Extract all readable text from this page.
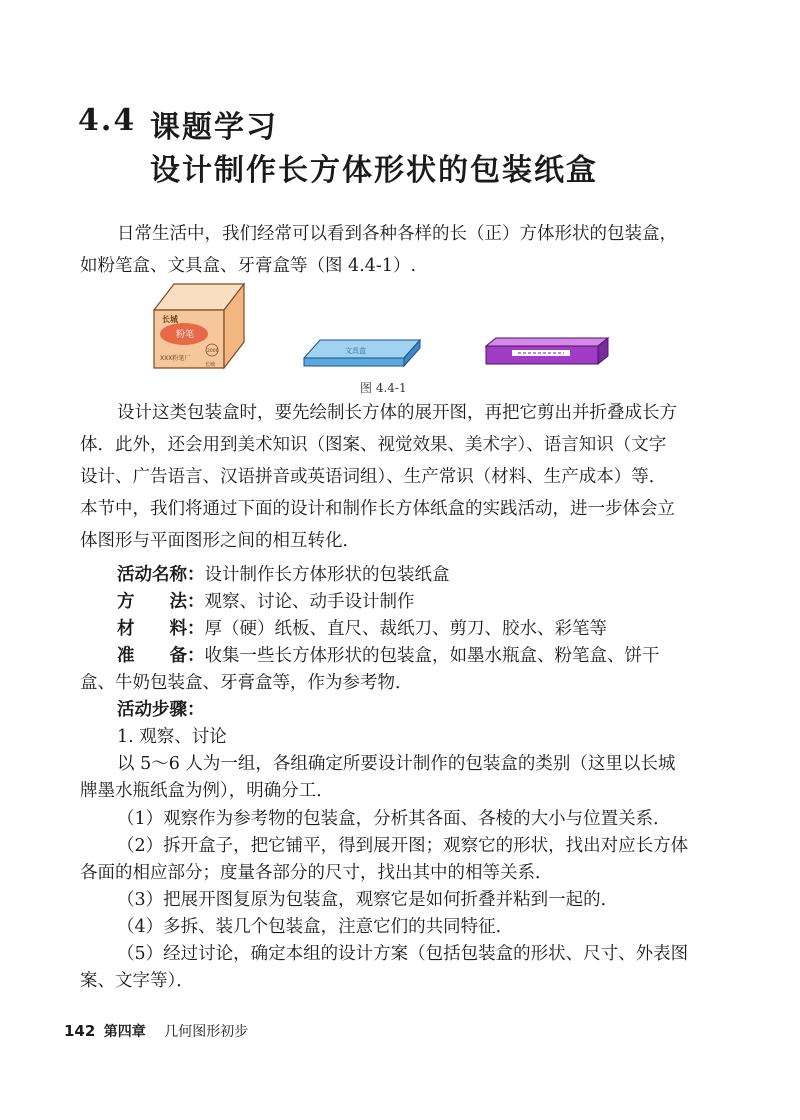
4.4 课题学习
设计制作长方体形状的包装纸盒
日常生活中，我们经常可以看到各种各样的长（正）方体形状的包装盒，
如粉笔盒、文具盒、牙膏盒等（图 4.4-1）.
长城
粉笔
XXX粉笔厂
2000
长城
文具盒
图 4.4-1
设计这类包装盒时，要先绘制长方体的展开图，再把它剪出并折叠成长方
体．此外，还会用到美术知识（图案、视觉效果、美术字）、语言知识（文字
设计、广告语言、汉语拼音或英语词组）、生产常识（材料、生产成本）等．
本节中，我们将通过下面的设计和制作长方体纸盒的实践活动，进一步体会立
体图形与平面图形之间的相互转化．
活动名称：设计制作长方体形状的包装纸盒
方　　法：观察、讨论、动手设计制作
材　　料：厚（硬）纸板、直尺、裁纸刀、剪刀、胶水、彩笔等
准　　备：收集一些长方体形状的包装盒，如墨水瓶盒、粉笔盒、饼干
盒、牛奶包装盒、牙膏盒等，作为参考物．
活动步骤：
1. 观察、讨论
以 5～6 人为一组，各组确定所要设计制作的包装盒的类别（这里以长城
牌墨水瓶纸盒为例），明确分工．
（1）观察作为参考物的包装盒，分析其各面、各棱的大小与位置关系．
（2）拆开盒子，把它铺平，得到展开图；观察它的形状，找出对应长方体
各面的相应部分；度量各部分的尺寸，找出其中的相等关系．
（3）把展开图复原为包装盒，观察它是如何折叠并粘到一起的．
（4）多拆、装几个包装盒，注意它们的共同特征．
（5）经过讨论，确定本组的设计方案（包括包装盒的形状、尺寸、外表图
案、文字等）．
142 第四章 几何图形初步
